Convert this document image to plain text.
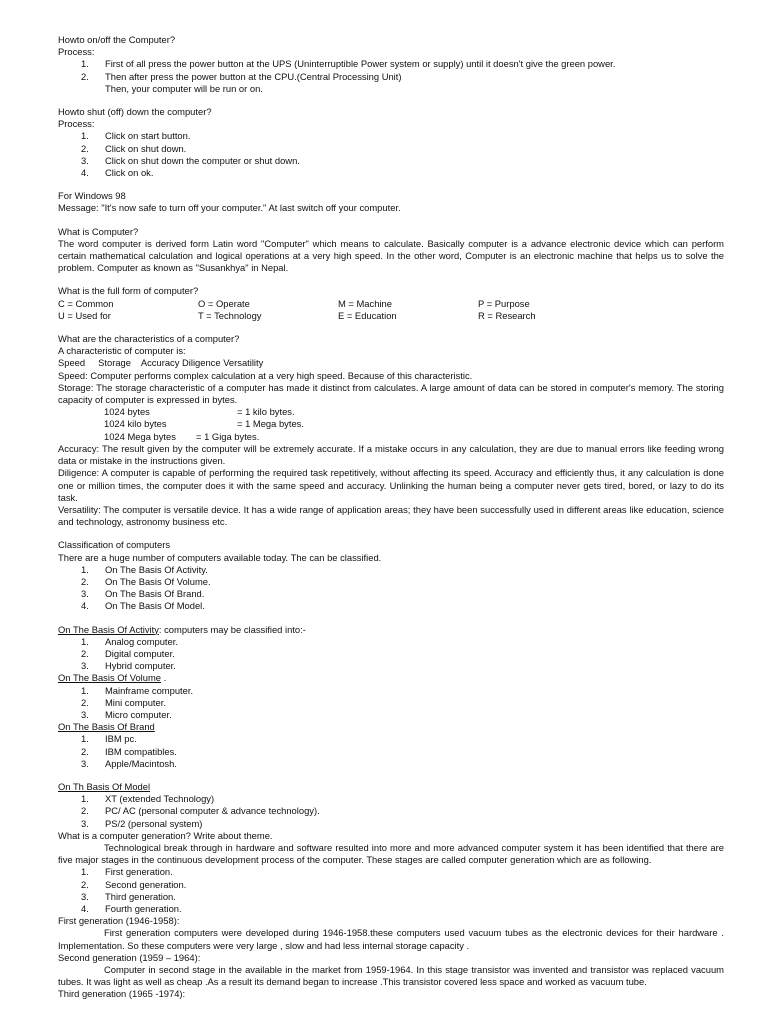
Howto on/off the Computer?

Process:

1.	First of all press the power button at the UPS (Uninterruptible Power system or supply) until it doesn't give the green power.
2.	Then after press the power button at the CPU.(Central Processing Unit)

Then, your computer will be run or on.

Howto shut (off) down the computer?

Process:

1.	Click on start button.
2.	Click on shut down.
3.	Click on shut down the computer or shut down.
4.	Click on ok.

For Windows 98

Message: "It's now safe to turn off your computer." At last switch off your computer.

What is Computer?

The word computer is derived form Latin word "Computer" which means to calculate. Basically computer is a advance electronic device which can perform certain mathematical calculation and logical operations at a very high speed. In the other word, Computer is an electronic machine that helps us to solve the problem. Computer as known as "Susankhya" in Nepal.

What is the full form of computer?

C = Common	O = Operate	M = Machine	P = Purpose
U = Used for	T = Technology	E = Education	R = Research

What are the characteristics of a computer?

A characteristic of computer is:

Speed     Storage    Accuracy Diligence Versatility

Speed: Computer performs complex calculation at a very high speed. Because of this characteristic.

Storage: The storage characteristic of a computer has made it distinct from calculates. A large amount of data can be stored in computer's memory. The storing capacity of computer is expressed in bytes.

1024 bytes	= 1 kilo bytes.
1024 kilo bytes	= 1 Mega bytes.
1024 Mega bytes = 1 Giga bytes.

Accuracy: The result given by the computer will be extremely accurate. If a mistake occurs in any calculation, they are due to manual errors like feeding wrong data or mistake in the instructions given.

Diligence: A computer is capable of performing the required task repetitively, without affecting its speed. Accuracy and efficiently thus, it any calculation is done one or million times, the computer does it with the same speed and accuracy. Unlinking the human being a computer never gets tired, bored, or lazy to do its task.

Versatility: The computer is versatile device. It has a wide range of application areas; they have been successfully used in different areas like education, science and technology, astronomy business etc.

Classification of computers

There are a huge number of computers available today. The can be classified.

1.	On The Basis Of Activity.
2.	On The Basis Of Volume.
3.	On The Basis Of Brand.
4.	On The Basis Of Model.

On The Basis Of Activity: computers may be classified into:-

1.	Analog computer.
2.	Digital computer.
3.	Hybrid computer.

On The Basis Of Volume .

1.	Mainframe computer.
2.	Mini computer.
3.	Micro computer.

On The Basis Of Brand

1.	IBM pc.
2.	IBM compatibles.
3.	Apple/Macintosh.

On Th Basis Of Model

1.	XT (extended Technology)
2.	PC/ AC (personal computer & advance technology).
3.	PS/2 (personal system)

What is a computer generation? Write about theme.

Technological break through in hardware and software resulted into more and more advanced computer system it has been identified that there are five major stages in the continuous development process of the computer. These stages are called computer generation which are as following.

1.	First generation.
2.	Second generation.
3.	Third generation.
4.	Fourth generation.

First generation (1946-1958):

First generation computers were developed during 1946-1958.these computers used vacuum tubes as the electronic devices for their hardware . Implementation. So these computers were very large , slow and had less internal storage capacity .

Second generation (1959 – 1964):

Computer in second stage in the available in the market from 1959-1964. In this stage transistor was invented and transistor was replaced vacuum tubes. It was light as well as cheap .As a result its demand began to increase .This transistor covered less space and worked as vacuum tube.

Third generation (1965 -1974):
